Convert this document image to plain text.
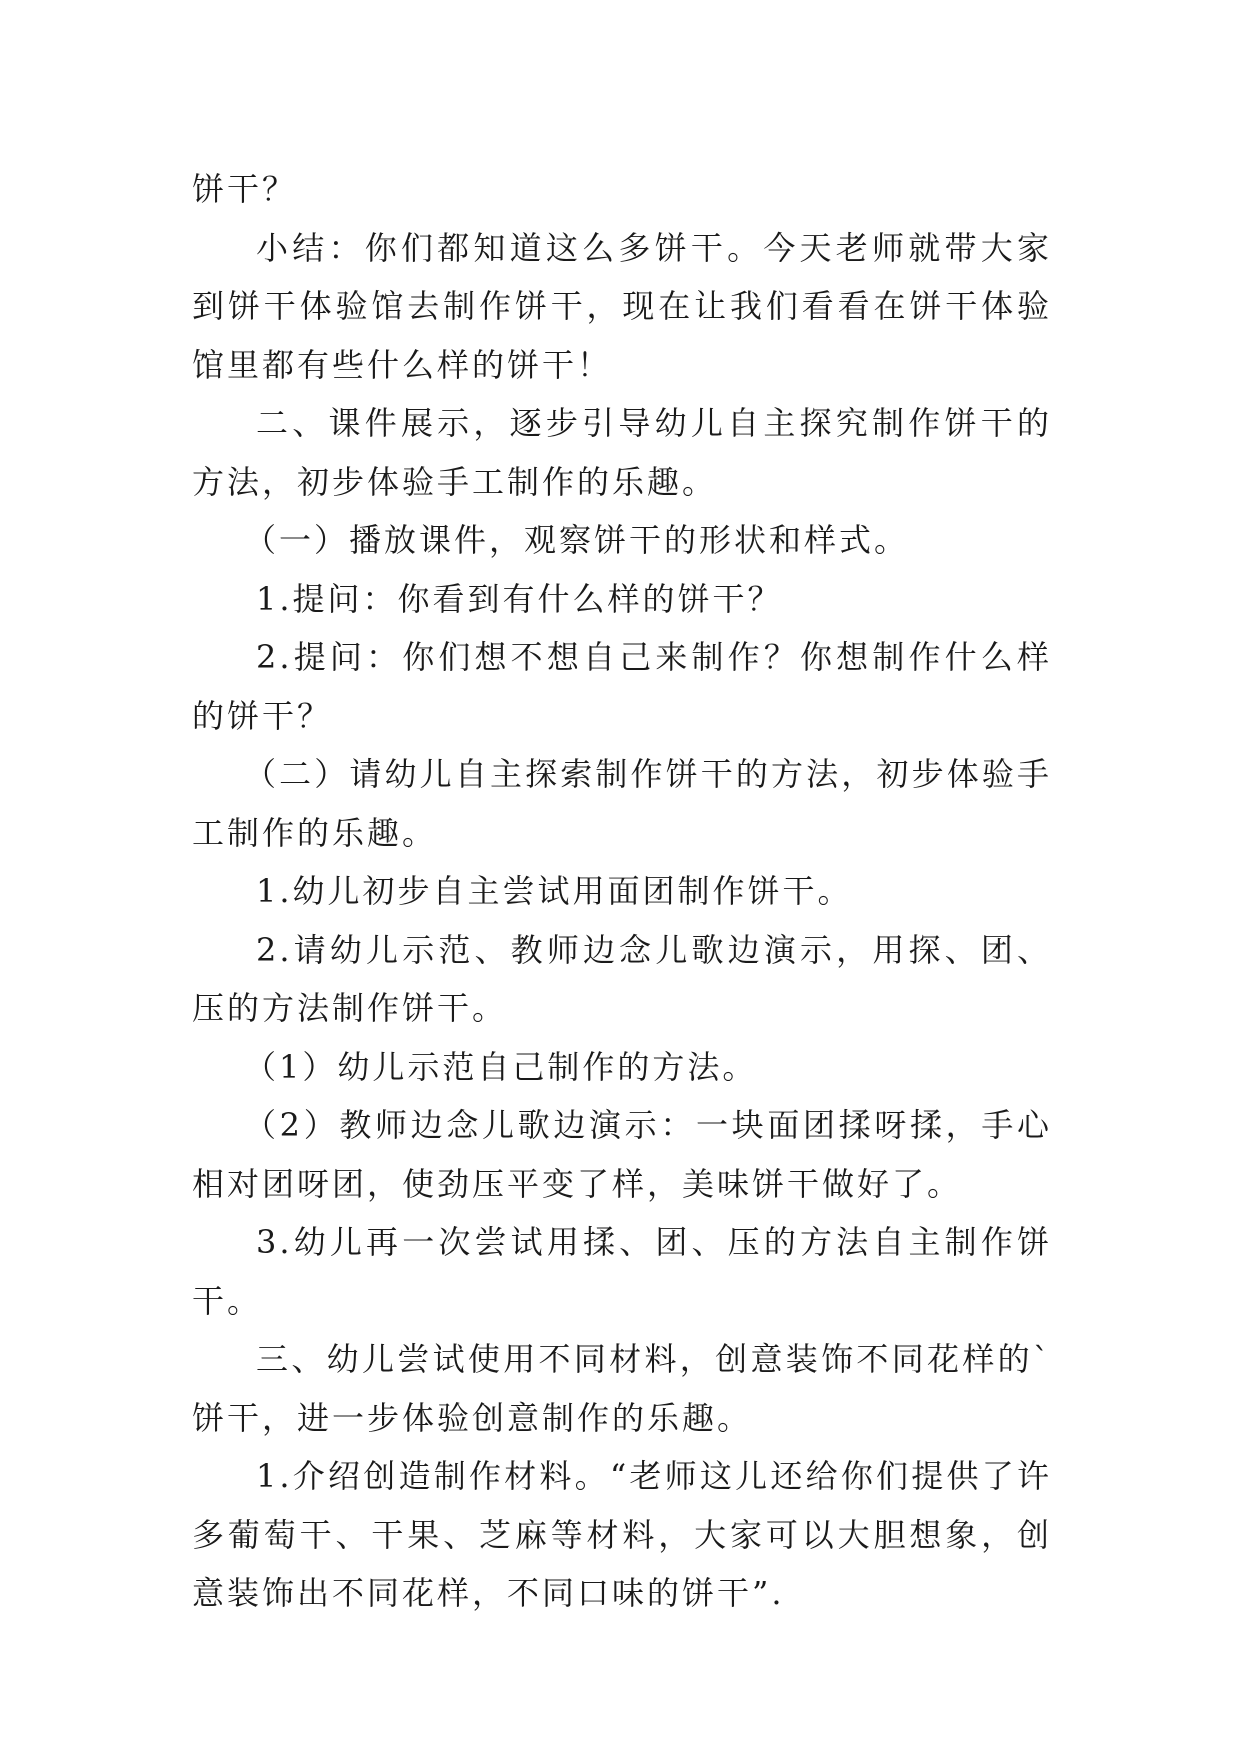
饼干？

小结：你们都知道这么多饼干。今天老师就带大家到饼干体验馆去制作饼干，现在让我们看看在饼干体验馆里都有些什么样的饼干！

二、课件展示，逐步引导幼儿自主探究制作饼干的方法，初步体验手工制作的乐趣。

（一）播放课件，观察饼干的形状和样式。

1.提问：你看到有什么样的饼干？

2.提问：你们想不想自己来制作？你想制作什么样的饼干？

（二）请幼儿自主探索制作饼干的方法，初步体验手工制作的乐趣。

1.幼儿初步自主尝试用面团制作饼干。

2.请幼儿示范、教师边念儿歌边演示，用探、团、压的方法制作饼干。

（1）幼儿示范自己制作的方法。

（2）教师边念儿歌边演示：一块面团揉呀揉，手心相对团呀团，使劲压平变了样，美味饼干做好了。

3.幼儿再一次尝试用揉、团、压的方法自主制作饼干。

三、幼儿尝试使用不同材料，创意装饰不同花样的`饼干，进一步体验创意制作的乐趣。

1.介绍创造制作材料。“老师这儿还给你们提供了许多葡萄干、干果、芝麻等材料，大家可以大胆想象，创意装饰出不同花样，不同口味的饼干”.
